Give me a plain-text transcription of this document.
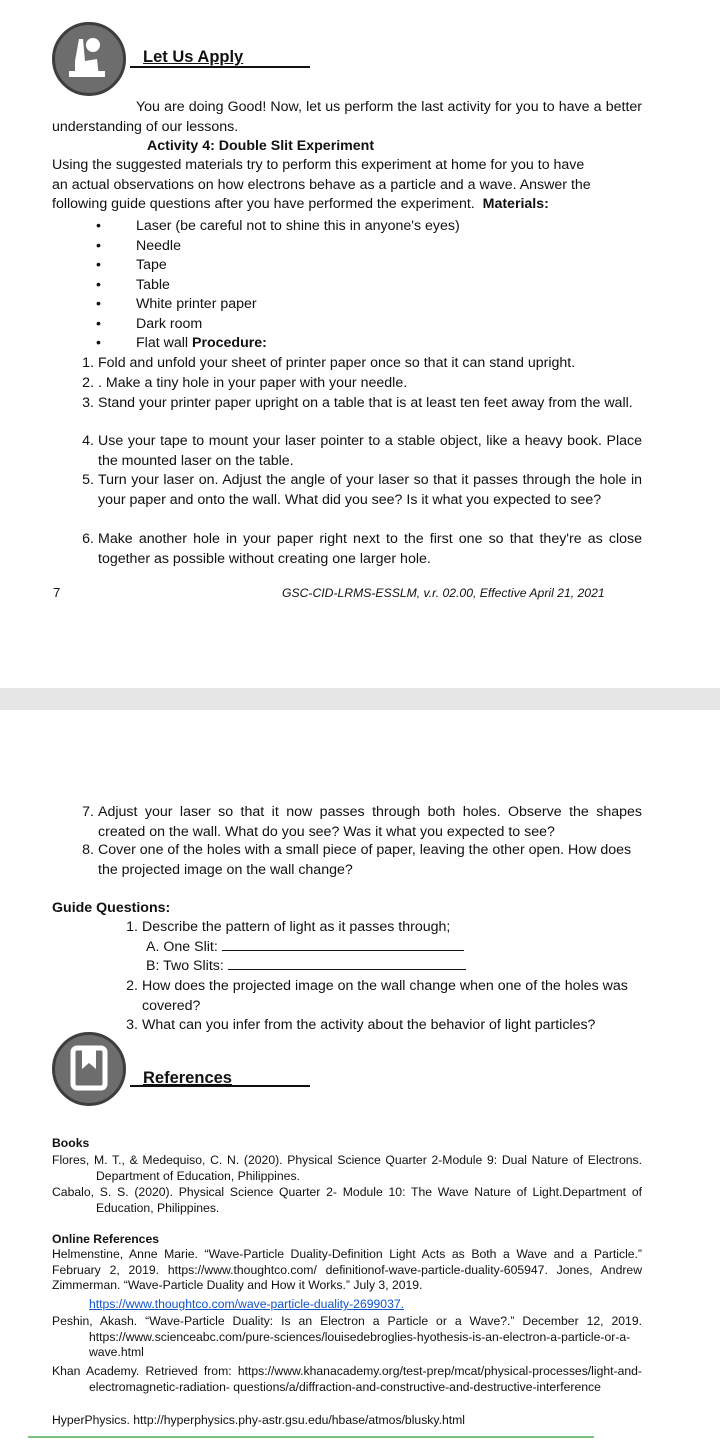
Let Us Apply
You are doing Good! Now, let us perform the last activity for you to have a better understanding of our lessons.
Activity 4: Double Slit Experiment
Using the suggested materials try to perform this experiment at home for you to have
an actual observations on how electrons behave as a particle and a wave. Answer the
following guide questions after you have performed the experiment. Materials:
• Laser (be careful not to shine this in anyone's eyes)
• Needle
• Tape
• Table
• White printer paper
• Dark room
• Flat wall Procedure:
1. Fold and unfold your sheet of printer paper once so that it can stand upright.
2. . Make a tiny hole in your paper with your needle.
3. Stand your printer paper upright on a table that is at least ten feet away from the wall.
4. Use your tape to mount your laser pointer to a stable object, like a heavy book. Place the mounted laser on the table.
5. Turn your laser on. Adjust the angle of your laser so that it passes through the hole in your paper and onto the wall. What did you see? Is it what you expected to see?
6. Make another hole in your paper right next to the first one so that they're as close together as possible without creating one larger hole.
7	GSC-CID-LRMS-ESSLM, v.r. 02.00, Effective April 21, 2021
7. Adjust your laser so that it now passes through both holes. Observe the shapes created on the wall. What do you see? Was it what you expected to see?
8. Cover one of the holes with a small piece of paper, leaving the other open. How does the projected image on the wall change?
Guide Questions:
1. Describe the pattern of light as it passes through;
A. One Slit:
B: Two Slits:
2. How does the projected image on the wall change when one of the holes was covered?
3. What can you infer from the activity about the behavior of light particles?
References
Books
Flores, M. T., & Medequiso, C. N. (2020). Physical Science Quarter 2-Module 9: Dual Nature of Electrons. Department of Education, Philippines.
Cabalo, S. S. (2020). Physical Science Quarter 2- Module 10: The Wave Nature of Light.Department of Education, Philippines.
Online References
Helmenstine, Anne Marie. “Wave-Particle Duality-Definition Light Acts as Both a Wave and a Particle.” February 2, 2019. https://www.thoughtco.com/ definitionof-wave-particle-duality-605947. Jones, Andrew Zimmerman. “Wave-Particle Duality and How it Works.” July 3, 2019.
https://www.thoughtco.com/wave-particle-duality-2699037.
Peshin, Akash. “Wave-Particle Duality: Is an Electron a Particle or a Wave?.” December 12, 2019. https://www.scienceabc.com/pure-sciences/louisedebroglies-hyothesis-is-an-electron-a-particle-or-a-wave.html
Khan Academy. Retrieved from: https://www.khanacademy.org/test-prep/mcat/physical-processes/light-and-electromagnetic-radiation- questions/a/diffraction-and-constructive-and-destructive-interference
HyperPhysics. http://hyperphysics.phy-astr.gsu.edu/hbase/atmos/blusky.html
